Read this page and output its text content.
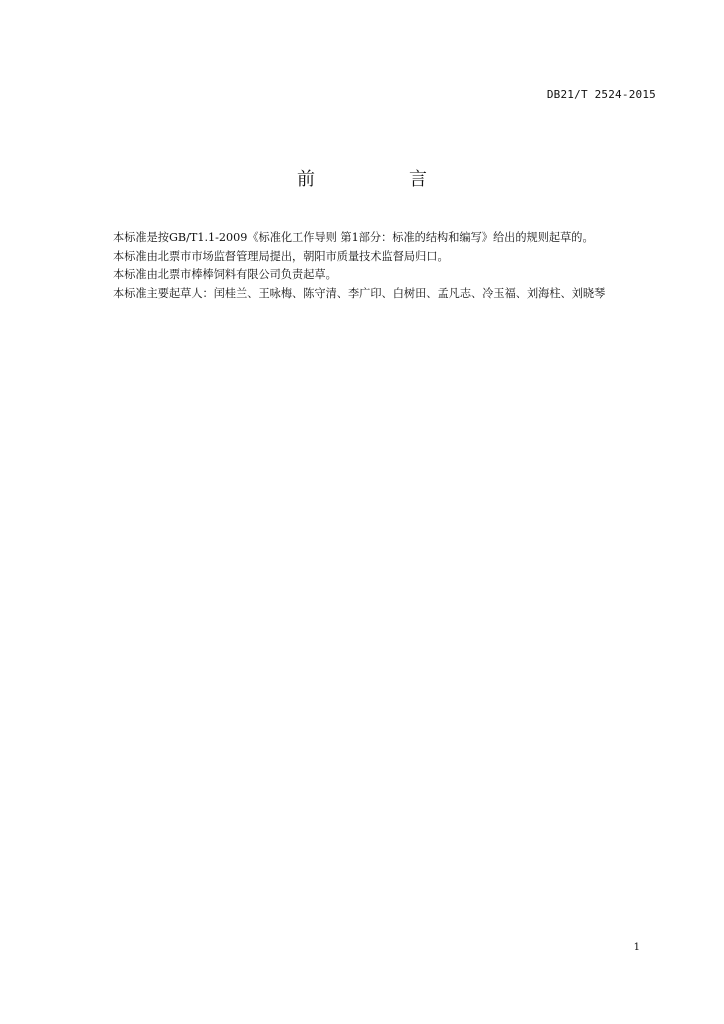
DB21/T 2524-2015
前　言

本标准是按GB/T1.1-2009《标准化工作导则 第1部分：标准的结构和编写》给出的规则起草的。

本标准由北票市市场监督管理局提出，朝阳市质量技术监督局归口。

本标准由北票市棒棒饲料有限公司负责起草。

本标准主要起草人：闰桂兰、王咏梅、陈守清、李广印、白树田、孟凡志、冷玉福、刘海柱、刘晓琴

1
